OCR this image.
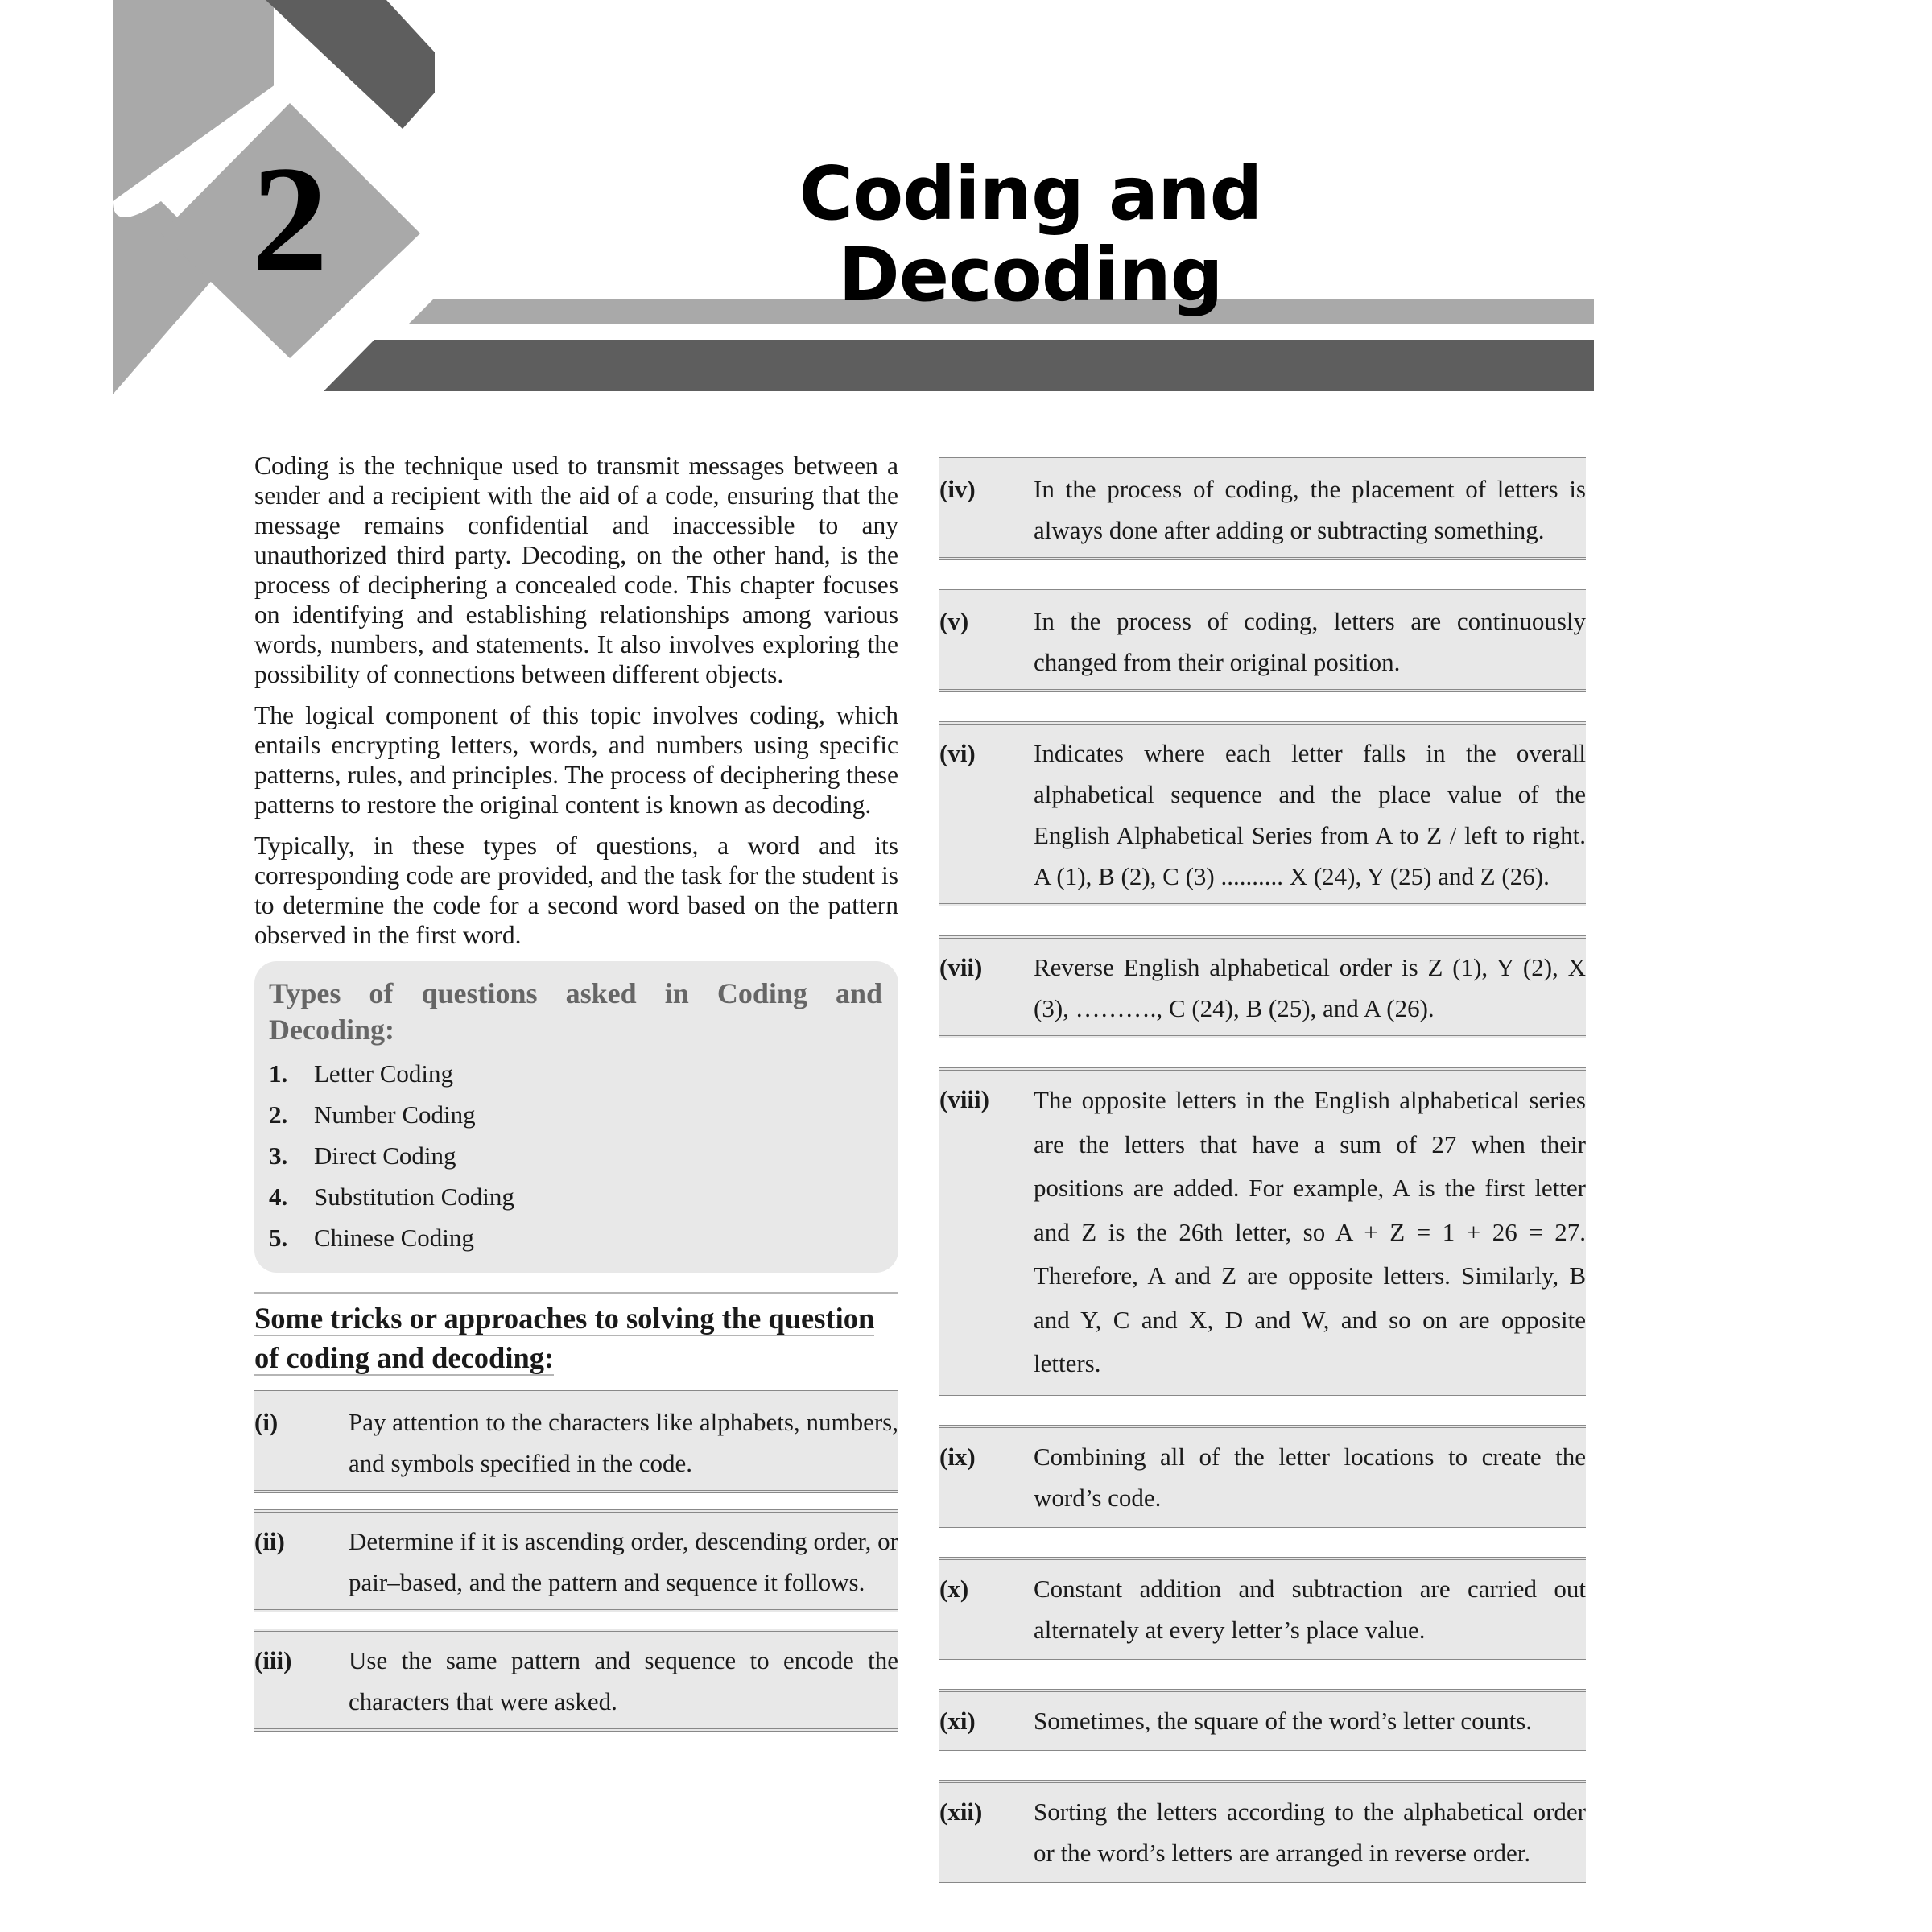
2	Coding and Decoding

Coding is the technique used to transmit messages between a sender and a recipient with the aid of a code, ensuring that the message remains confidential and inaccessible to any unauthorized third party. Decoding, on the other hand, is the process of deciphering a concealed code. This chapter focuses on identifying and establishing relationships among various words, numbers, and statements. It also involves exploring the possibility of connections between different objects.

The logical component of this topic involves coding, which entails encrypting letters, words, and numbers using specific patterns, rules, and principles. The process of deciphering these patterns to restore the original content is known as decoding.

Typically, in these types of questions, a word and its corresponding code are provided, and the task for the student is to determine the code for a second word based on the pattern observed in the first word.

Types of questions asked in Coding and Decoding:
1.	Letter Coding
2.	Number Coding
3.	Direct Coding
4.	Substitution Coding
5.	Chinese Coding
Some tricks or approaches to solving the question of coding and decoding:
(i)	Pay attention to the characters like alphabets, numbers, and symbols specified in the code.
(ii)	Determine if it is ascending order, descending order, or pair–based, and the pattern and sequence it follows.
(iii)	Use the same pattern and sequence to encode the characters that were asked.
(iv)	In the process of coding, the placement of letters is always done after adding or subtracting something.
(v)	In the process of coding, letters are continuously changed from their original position.
(vi)	Indicates where each letter falls in the overall alphabetical sequence and the place value of the English Alphabetical Series from A to Z / left to right.                    A (1), B (2), C (3) .......... X (24), Y (25) and Z (26).
(vii)	Reverse English alphabetical order is Z (1), Y (2), X (3), ………., C (24), B (25), and A (26).
(viii)	The opposite letters in the English alphabetical series are the letters that have a sum of 27 when their positions are added. For example, A is the first letter and Z is the 26th letter, so A + Z = 1 + 26 = 27. Therefore, A and Z are opposite letters. Similarly, B and Y, C and X, D and W, and so on are opposite letters.
(ix)	Combining all of the letter locations to create the word’s code.
(x)	Constant addition and subtraction are carried out alternately at every letter’s place value.
(xi)	Sometimes, the square of the word’s letter counts.
(xii)	Sorting the letters according to the alphabetical order or the word’s letters are arranged in reverse order.
